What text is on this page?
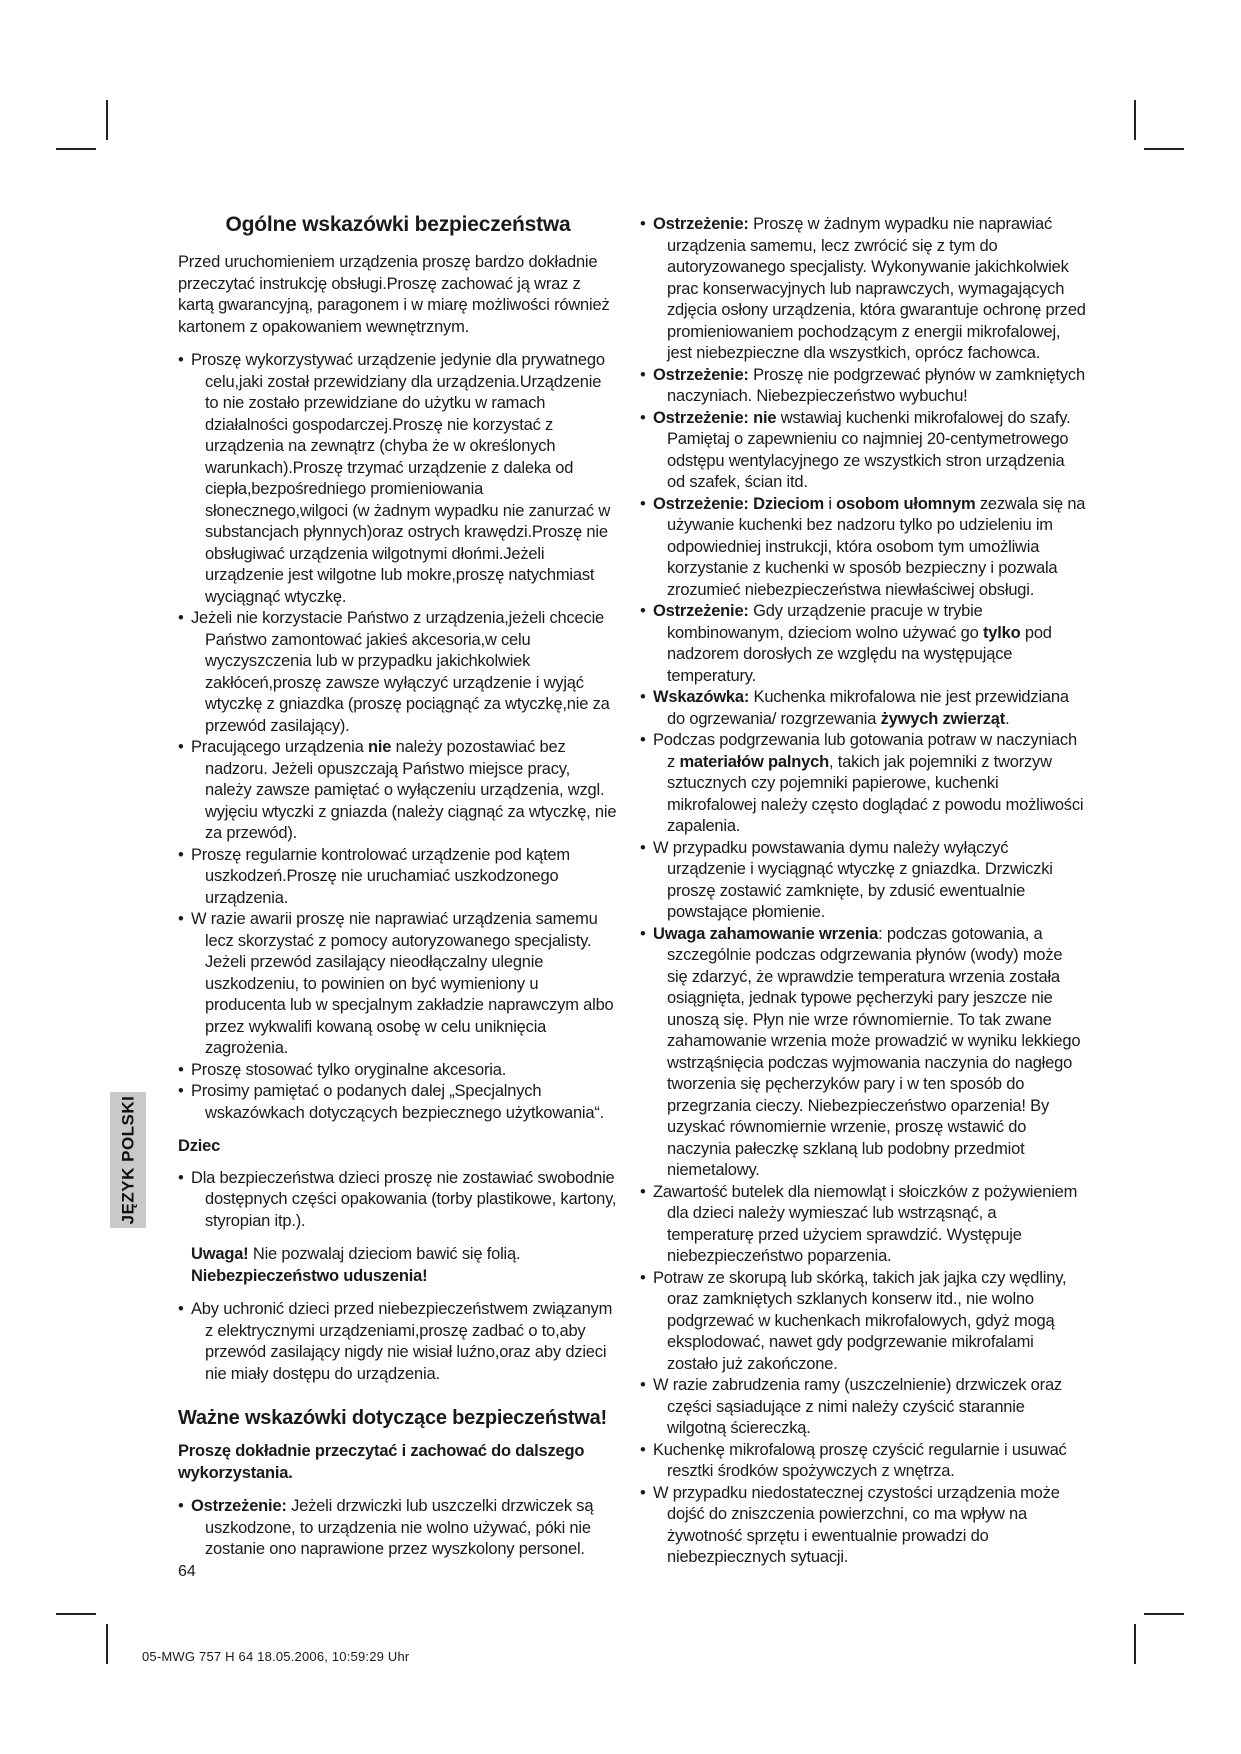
JĘZYK POLSKI
Ogólne wskazówki bezpieczeństwa

Przed uruchomieniem urządzenia proszę bardzo dokładnie przeczytać instrukcję obsługi.Proszę zachować ją wraz z kartą gwarancyjną, paragonem i w miarę możliwości również kartonem z opakowaniem wewnętrznym.

• Proszę wykorzystywać urządzenie jedynie dla prywatnego celu,jaki został przewidziany dla urządzenia.Urządzenie to nie zostało przewidziane do użytku w ramach działalności gospodarczej.Proszę nie korzystać z urządzenia na zewnątrz (chyba że w określonych warunkach).Proszę trzymać urządzenie z daleka od ciepła,bezpośredniego promieniowania słonecznego,wilgoci (w żadnym wypadku nie zanurzać w substancjach płynnych)oraz ostrych krawędzi.Proszę nie obsługiwać urządzenia wilgotnymi dłońmi.Jeżeli urządzenie jest wilgotne lub mokre,proszę natychmiast wyciągnąć wtyczkę.
• Jeżeli nie korzystacie Państwo z urządzenia,jeżeli chcecie Państwo zamontować jakieś akcesoria,w celu wyczyszczenia lub w przypadku jakichkolwiek zakłóceń,proszę zawsze wyłączyć urządzenie i wyjąć wtyczkę z gniazdka (proszę pociągnąć za wtyczkę,nie za przewód zasilający).
• Pracującego urządzenia nie należy pozostawiać bez nadzoru. Jeżeli opuszczają Państwo miejsce pracy, należy zawsze pamiętać o wyłączeniu urządzenia, wzgl. wyjęciu wtyczki z gniazda (należy ciągnąć za wtyczkę, nie za przewód).
• Proszę regularnie kontrolować urządzenie pod kątem uszkodzeń.Proszę nie uruchamiać uszkodzonego urządzenia.
• W razie awarii proszę nie naprawiać urządzenia samemu lecz skorzystać z pomocy autoryzowanego specjalisty. Jeżeli przewód zasilający nieodłączalny ulegnie uszkodzeniu, to powinien on być wymieniony u producenta lub w specjalnym zakładzie naprawczym albo przez wykwalifi kowaną osobę w celu uniknięcia zagrożenia.
• Proszę stosować tylko oryginalne akcesoria.
• Prosimy pamiętać o podanych dalej „Specjalnych wskazówkach dotyczących bezpiecznego użytkowania“.
Dziec
• Dla bezpieczeństwa dzieci proszę nie zostawiać swobodnie dostępnych części opakowania (torby plastikowe, kartony, styropian itp.).

Uwaga! Nie pozwalaj dzieciom bawić się folią.
Niebezpieczeństwo uduszenia!

• Aby uchronić dzieci przed niebezpieczeństwem związanym z elektrycznymi urządzeniami,proszę zadbać o to,aby przewód zasilający nigdy nie wisiał luźno,oraz aby dzieci nie miały dostępu do urządzenia.
Ważne wskazówki dotyczące bezpieczeństwa!

Proszę dokładnie przeczytać i zachować do dalszego wykorzystania.

• Ostrzeżenie: Jeżeli drzwiczki lub uszczelki drzwiczek są uszkodzone, to urządzenia nie wolno używać, póki nie zostanie ono naprawione przez wyszkolony personel.
• Ostrzeżenie: Proszę w żadnym wypadku nie naprawiać urządzenia samemu, lecz zwrócić się z tym do autoryzowanego specjalisty. Wykonywanie jakichkolwiek prac konserwacyjnych lub naprawczych, wymagających zdjęcia osłony urządzenia, która gwarantuje ochronę przed promieniowaniem pochodzącym z energii mikrofalowej, jest niebezpieczne dla wszystkich, oprócz fachowca.
• Ostrzeżenie: Proszę nie podgrzewać płynów w zamkniętych naczyniach. Niebezpieczeństwo wybuchu!
• Ostrzeżenie: nie wstawiaj kuchenki mikrofalowej do szafy. Pamiętaj o zapewnieniu co najmniej 20-centymetrowego odstępu wentylacyjnego ze wszystkich stron urządzenia od szafek, ścian itd.
• Ostrzeżenie: Dzieciom i osobom ułomnym zezwala się na używanie kuchenki bez nadzoru tylko po udzieleniu im odpowiedniej instrukcji, która osobom tym umożliwia korzystanie z kuchenki w sposób bezpieczny i pozwala zrozumieć niebezpieczeństwa niewłaściwej obsługi.
• Ostrzeżenie: Gdy urządzenie pracuje w trybie kombinowanym, dzieciom wolno używać go tylko pod nadzorem dorosłych ze względu na występujące temperatury.
• Wskazówka: Kuchenka mikrofalowa nie jest przewidziana do ogrzewania/ rozgrzewania żywych zwierząt.
• Podczas podgrzewania lub gotowania potraw w naczyniach z materiałów palnych, takich jak pojemniki z tworzyw sztucznych czy pojemniki papierowe, kuchenki mikrofalowej należy często doglądać z powodu możliwości zapalenia.
• W przypadku powstawania dymu należy wyłączyć urządzenie i wyciągnąć wtyczkę z gniazdka. Drzwiczki proszę zostawić zamknięte, by zdusić ewentualnie powstające płomienie.
• Uwaga zahamowanie wrzenia: podczas gotowania, a szczególnie podczas odgrzewania płynów (wody) może się zdarzyć, że wprawdzie temperatura wrzenia została osiągnięta, jednak typowe pęcherzyki pary jeszcze nie unoszą się. Płyn nie wrze równomiernie. To tak zwane zahamowanie wrzenia może prowadzić w wyniku lekkiego wstrząśnięcia podczas wyjmowania naczynia do nagłego tworzenia się pęcherzyków pary i w ten sposób do przegrzania cieczy. Niebezpieczeństwo oparzenia! By uzyskać równomiernie wrzenie, proszę wstawić do naczynia pałeczkę szklaną lub podobny przedmiot niemetalowy.
• Zawartość butelek dla niemowląt i słoiczków z pożywieniem dla dzieci należy wymieszać lub wstrząsnąć, a temperaturę przed użyciem sprawdzić. Występuje niebezpieczeństwo poparzenia.
• Potraw ze skorupą lub skórką, takich jak jajka czy wędliny, oraz zamkniętych szklanych konserw itd., nie wolno podgrzewać w kuchenkach mikrofalowych, gdyż mogą eksplodować, nawet gdy podgrzewanie mikrofalami zostało już zakończone.
• W razie zabrudzenia ramy (uszczelnienie) drzwiczek oraz części sąsiadujące z nimi należy czyścić starannie wilgotną ściereczką.
• Kuchenkę mikrofalową proszę czyścić regularnie i usuwać resztki środków spożywczych z wnętrza.
• W przypadku niedostatecznej czystości urządzenia może dojść do zniszczenia powierzchni, co ma wpływ na żywotność sprzętu i ewentualnie prowadzi do niebezpiecznych sytuacji.
64
05-MWG 757 H 64 18.05.2006, 10:59:29 Uhr
